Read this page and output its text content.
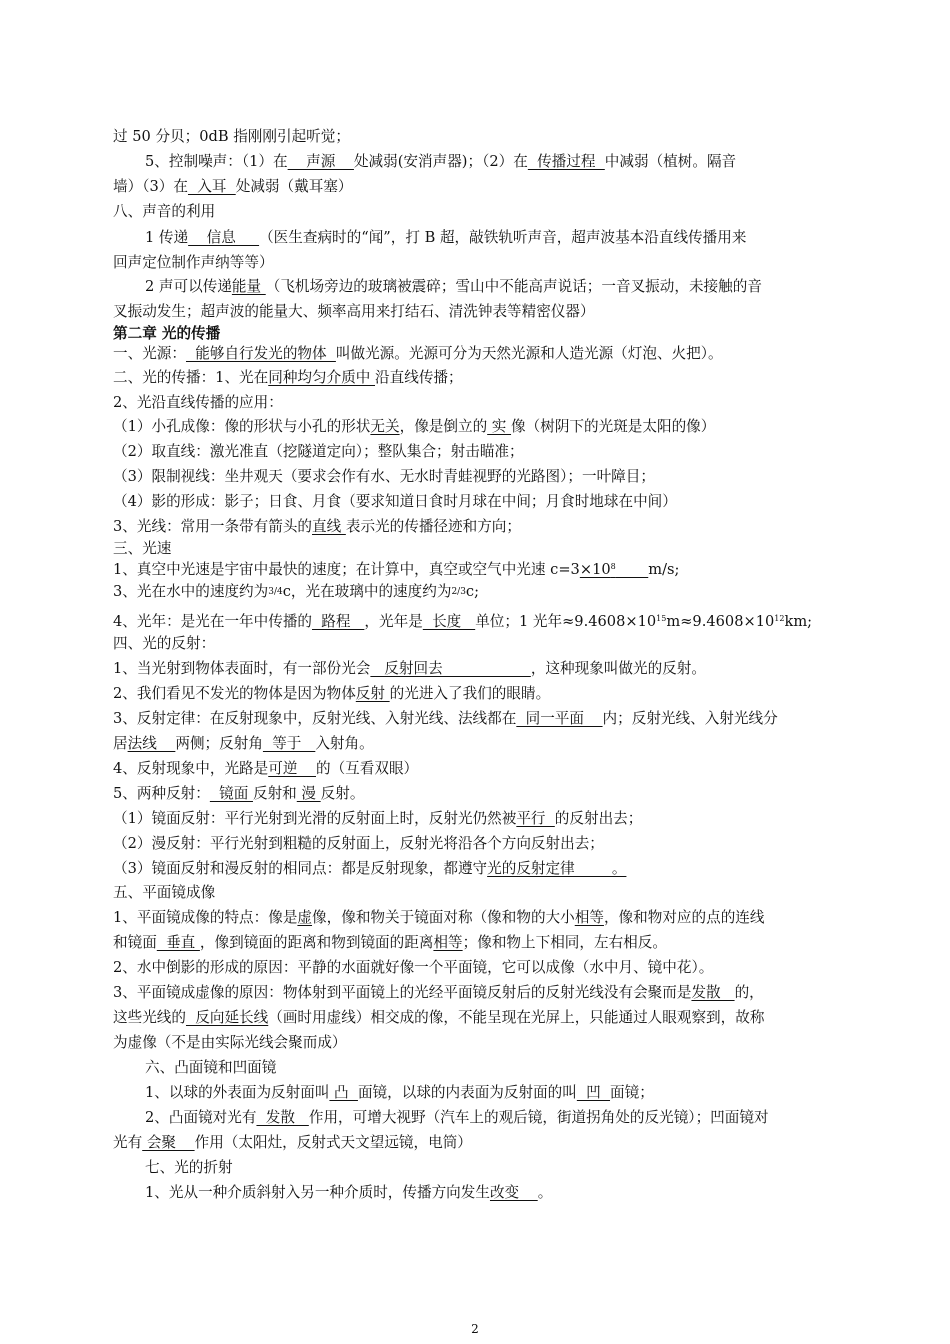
过 50 分贝；0dB 指刚刚引起听觉；
5、控制噪声：（1）在    声源    处减弱(安消声器)；（2）在  传播过程  中减弱（植树。隔音
墙）（3）在  入耳  处减弱（戴耳塞）
八、声音的利用
1 传递    信息     （医生查病时的“闻”，打 B 超，敲铁轨听声音，超声波基本沿直线传播用来
回声定位制作声纳等等）
2 声可以传递能量 （飞机场旁边的玻璃被震碎；雪山中不能高声说话；一音叉振动，未接触的音
叉振动发生；超声波的能量大、频率高用来打结石、清洗钟表等精密仪器）
第二章 光的传播
一、光源：  能够自行发光的物体  叫做光源。光源可分为天然光源和人造光源（灯泡、火把）。
二、光的传播：1、光在同种均匀介质中 沿直线传播；
2、光沿直线传播的应用：
（1）小孔成像：像的形状与小孔的形状无关，像是倒立的 实 像（树阴下的光斑是太阳的像）
（2）取直线：激光准直（挖隧道定向）；整队集合；射击瞄准；
（3）限制视线：坐井观天（要求会作有水、无水时青蛙视野的光路图）；一叶障目；
（4）影的形成：影子；日食、月食（要求知道日食时月球在中间；月食时地球在中间）
3、光线：常用一条带有箭头的直线 表示光的传播径迹和方向；
三、光速
1、真空中光速是宇宙中最快的速度；在计算中，真空或空气中光速 $c=3\times 10^8$ m/s;
3、光在水中的速度约为3/4c，光在玻璃中的速度约为2/3c;
4、光年：是光在一年中传播的  路程   ，光年是  长度   单位；1 光年$\approx 9.4608\times 10^{15}m\approx 9.4608\times 10^{12}km$;
四、光的反射：
1、当光射到物体表面时，有一部份光会   反射回去                   ，这种现象叫做光的反射。
2、我们看见不发光的物体是因为物体反射 的光进入了我们的眼睛。
3、反射定律：在反射现象中，反射光线、入射光线、法线都在  同一平面    内；反射光线、入射光线分
居法线    两侧；反射角  等于   入射角。
4、反射现象中，光路是可逆    的（互看双眼）
5、两种反射：  镜面 反射和 漫 反射。
（1）镜面反射：平行光射到光滑的反射面上时，反射光仍然被平行  的反射出去；
（2）漫反射：平行光射到粗糙的反射面上，反射光将沿各个方向反射出去；
（3）镜面反射和漫反射的相同点：都是反射现象，都遵守光的反射定律        。
五、平面镜成像
1、平面镜成像的特点：像是虚像，像和物关于镜面对称（像和物的大小相等，像和物对应的点的连线
和镜面  垂直 ，像到镜面的距离和物到镜面的距离相等；像和物上下相同，左右相反。
2、水中倒影的形成的原因：平静的水面就好像一个平面镜，它可以成像（水中月、镜中花）。
3、平面镜成虚像的原因：物体射到平面镜上的光经平面镜反射后的反射光线没有会聚而是发散   的，
这些光线的  反向延长线（画时用虚线）相交成的像，不能呈现在光屏上，只能通过人眼观察到，故称
为虚像（不是由实际光线会聚而成）
六、凸面镜和凹面镜
1、以球的外表面为反射面叫 凸  面镜，以球的内表面为反射面的叫  凹  面镜；
2、凸面镜对光有  发散   作用，可增大视野（汽车上的观后镜，街道拐角处的反光镜）；凹面镜对
光有 会聚    作用（太阳灶，反射式天文望远镜，电筒）
七、光的折射
1、光从一种介质斜射入另一种介质时，传播方向发生改变    。
2
